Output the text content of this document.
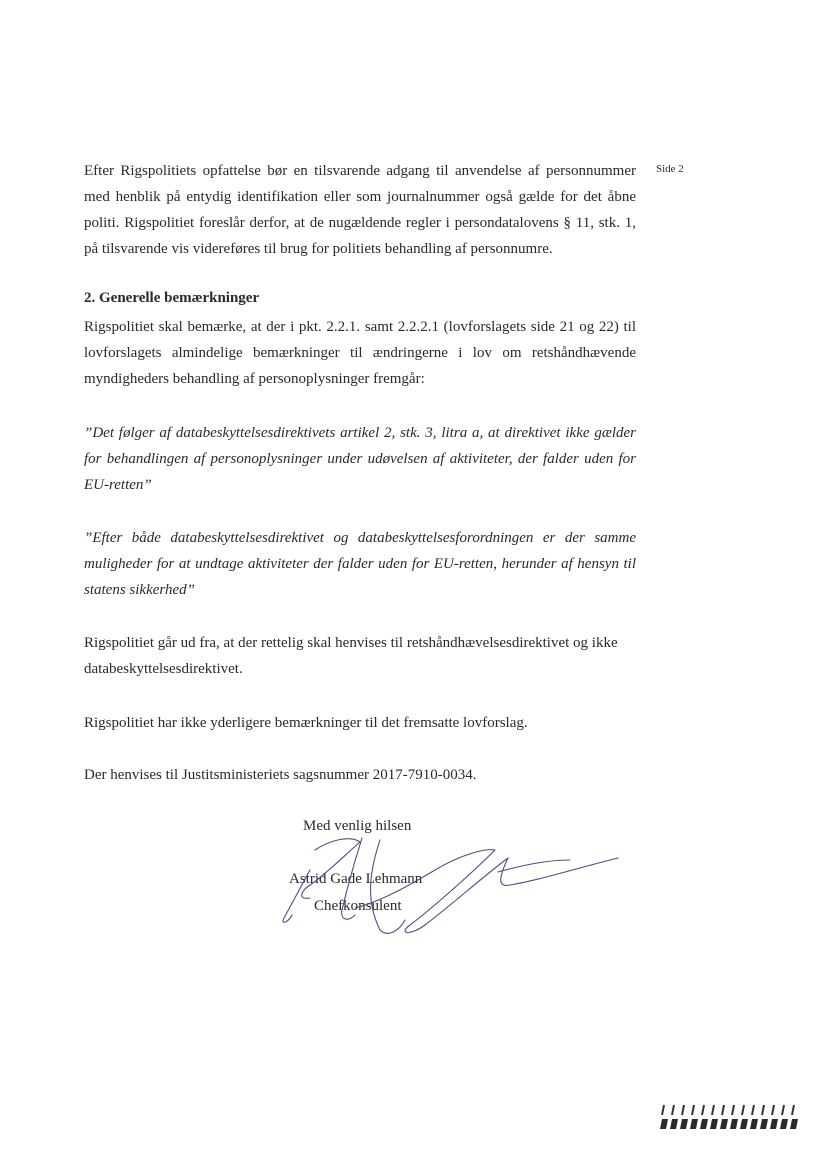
Side 2

Efter Rigspolitiets opfattelse bør en tilsvarende adgang til anvendelse af personnummer med henblik på entydig identifikation eller som journalnummer også gælde for det åbne politi. Rigspolitiet foreslår derfor, at de nugældende regler i persondatalovens § 11, stk. 1, på tilsvarende vis videreføres til brug for politiets behandling af personnumre.

2. Generelle bemærkninger

Rigspolitiet skal bemærke, at der i pkt. 2.2.1. samt 2.2.2.1 (lovforslagets side 21 og 22) til lovforslagets almindelige bemærkninger til ændringerne i lov om retshåndhævende myndigheders behandling af personoplysninger fremgår:

”Det følger af databeskyttelsesdirektivets artikel 2, stk. 3, litra a, at direktivet ikke gælder for behandlingen af personoplysninger under udøvelsen af aktiviteter, der falder uden for EU-retten”

”Efter både databeskyttelsesdirektivet og databeskyttelsesforordningen er der samme muligheder for at undtage aktiviteter der falder uden for EU-retten, herunder af hensyn til statens sikkerhed”

Rigspolitiet går ud fra, at der rettelig skal henvises til retshåndhævelsesdirektivet og ikke databeskyttelsesdirektivet.

Rigspolitiet har ikke yderligere bemærkninger til det fremsatte lovforslag.

Der henvises til Justitsministeriets sagsnummer 2017-7910-0034.

Med venlig hilsen
Astrid Gade Lehmann
Chefkonsulent
